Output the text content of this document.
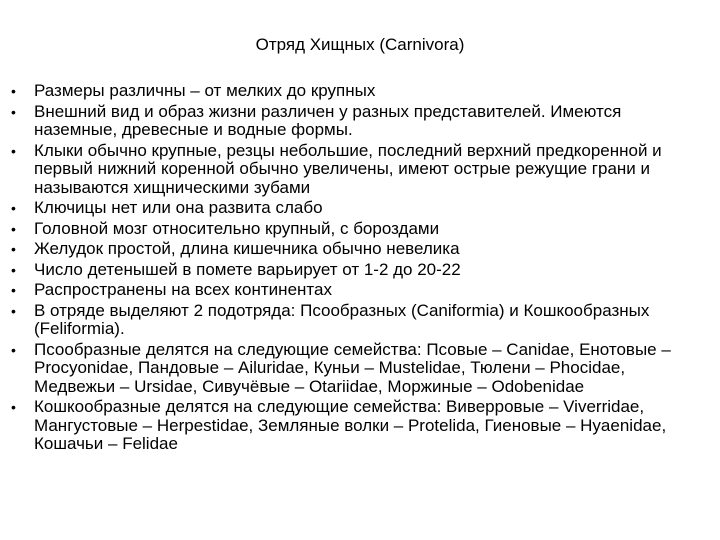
Отряд Хищных (Carnivora)
• Размеры различны – от мелких до крупных
• Внешний вид и образ жизни различен у разных представителей. Имеются наземные, древесные и водные формы.
• Клыки обычно крупные, резцы небольшие, последний верхний предкоренной и первый нижний коренной обычно увеличены, имеют острые режущие грани и называются хищническими зубами
• Ключицы нет или она развита слабо
• Головной мозг относительно крупный, с бороздами
• Желудок простой, длина кишечника обычно невелика
• Число детенышей в помете варьирует от 1-2 до 20-22
• Распространены на всех континентах
• В отряде выделяют 2 подотряда: Псообразных (Caniformia) и Кошкообразных (Feliformia).
• Псообразные делятся на следующие семейства: Псовые – Canidae, Енотовые – Procyonidae, Пандовые – Ailuridae, Куньи – Mustelidae, Тюлени – Phocidae, Медвежьи – Ursidae, Сивучёвые – Otariidae, Моржиные – Odobenidae
• Кошкообразные делятся на следующие семейства: Виверровые – Viverridae, Мангустовые – Herpestidae, Земляные волки – Protelida, Гиеновые – Hyaenidae, Кошачьи – Felidae
